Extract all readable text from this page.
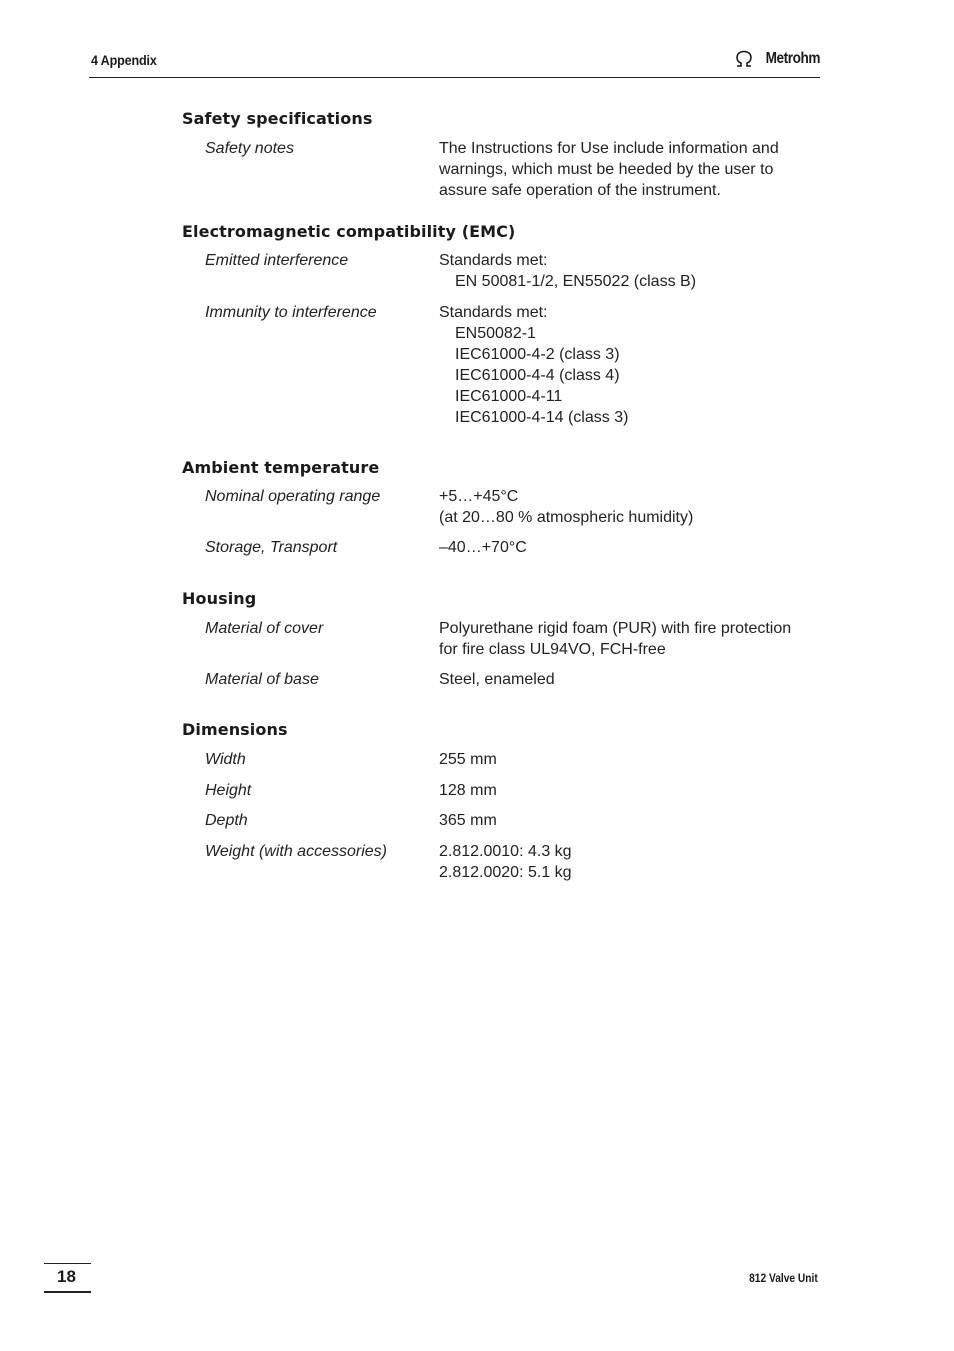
4 Appendix	Metrohm
Safety specifications
Safety notes	The Instructions for Use include information and
warnings, which must be heeded by the user to
assure safe operation of the instrument.
Electromagnetic compatibility (EMC)
Emitted interference	Standards met:
EN 50081-1/2, EN55022 (class B)
Immunity to interference	Standards met:
EN50082-1
IEC61000-4-2 (class 3)
IEC61000-4-4 (class 4)
IEC61000-4-11
IEC61000-4-14 (class 3)
Ambient temperature
Nominal operating range	+5…+45°C
(at 20…80 % atmospheric humidity)
Storage, Transport	–40…+70°C
Housing
Material of cover	Polyurethane rigid foam (PUR) with fire protection
for fire class UL94VO, FCH-free
Material of base	Steel, enameled
Dimensions
Width	255 mm
Height	128 mm
Depth	365 mm
Weight (with accessories)	2.812.0010: 4.3 kg
2.812.0020: 5.1 kg
18	812 Valve Unit
